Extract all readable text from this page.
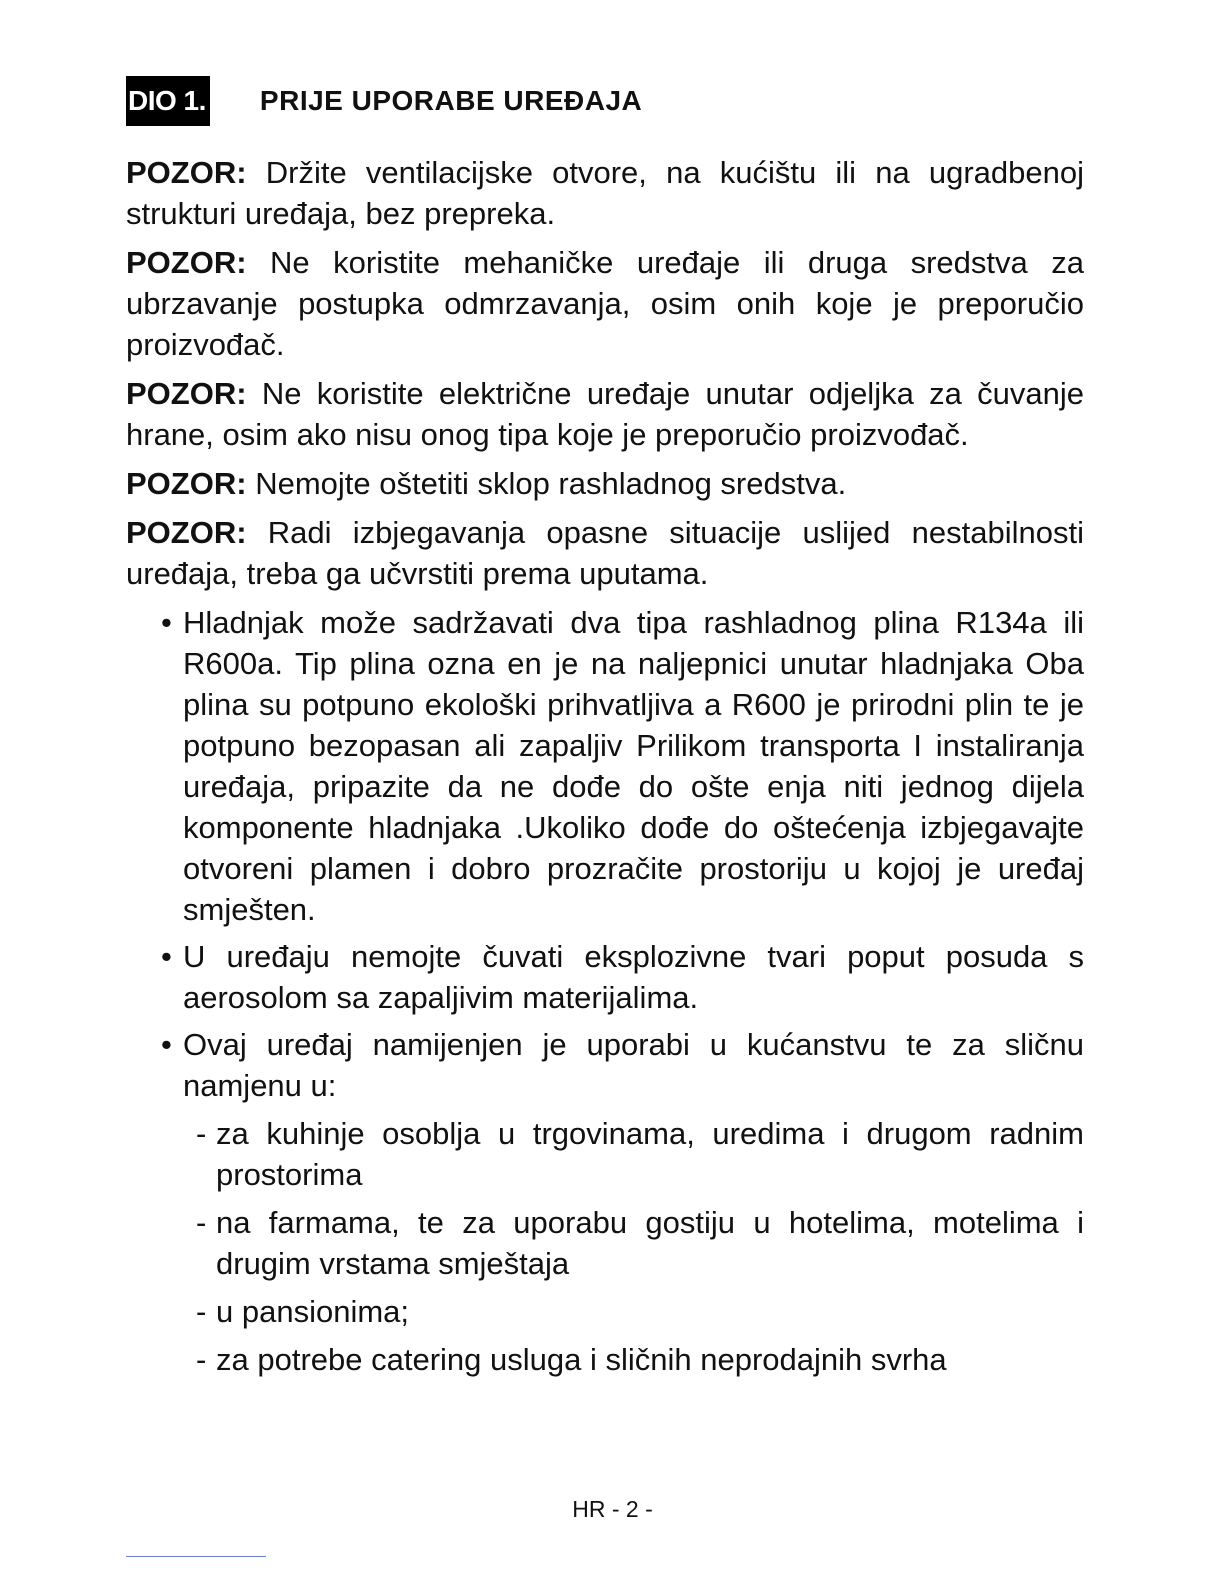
DIO 1. PRIJE UPORABE UREĐAJA

POZOR: Držite ventilacijske otvore, na kućištu ili na ugradbenoj strukturi uređaja, bez prepreka.

POZOR: Ne koristite mehaničke uređaje ili druga sredstva za ubrzavanje postupka odmrzavanja, osim onih koje je preporučio proizvođač.

POZOR: Ne koristite električne uređaje unutar odjeljka za čuvanje hrane, osim ako nisu onog tipa koje je preporučio proizvođač.

POZOR: Nemojte oštetiti sklop rashladnog sredstva.

POZOR: Radi izbjegavanja opasne situacije uslijed nestabilnosti uređaja, treba ga učvrstiti prema uputama.

• Hladnjak može sadržavati dva tipa rashladnog plina R134a ili R600a. Tip plina ozna en je na naljepnici unutar hladnjaka Oba plina su potpuno ekološki prihvatljiva a R600 je prirodni plin te je potpuno bezopasan ali zapaljiv Prilikom transporta I instaliranja uređaja, pripazite da ne dođe do ošte enja niti jednog dijela komponente hladnjaka .Ukoliko dođe do oštećenja izbjegavajte otvoreni plamen i dobro prozračite prostoriju u kojoj je uređaj smješten.
• U uređaju nemojte čuvati eksplozivne tvari poput posuda s aerosolom sa zapaljivim materijalima.
• Ovaj uređaj namijenjen je uporabi u kućanstvu te za sličnu namjenu u:
- za kuhinje osoblja u trgovinama, uredima i drugom radnim prostorima
- na farmama, te za uporabu gostiju u hotelima, motelima i drugim vrstama smještaja
- u pansionima;
- za potrebe catering usluga i sličnih neprodajnih svrha
HR - 2 -
